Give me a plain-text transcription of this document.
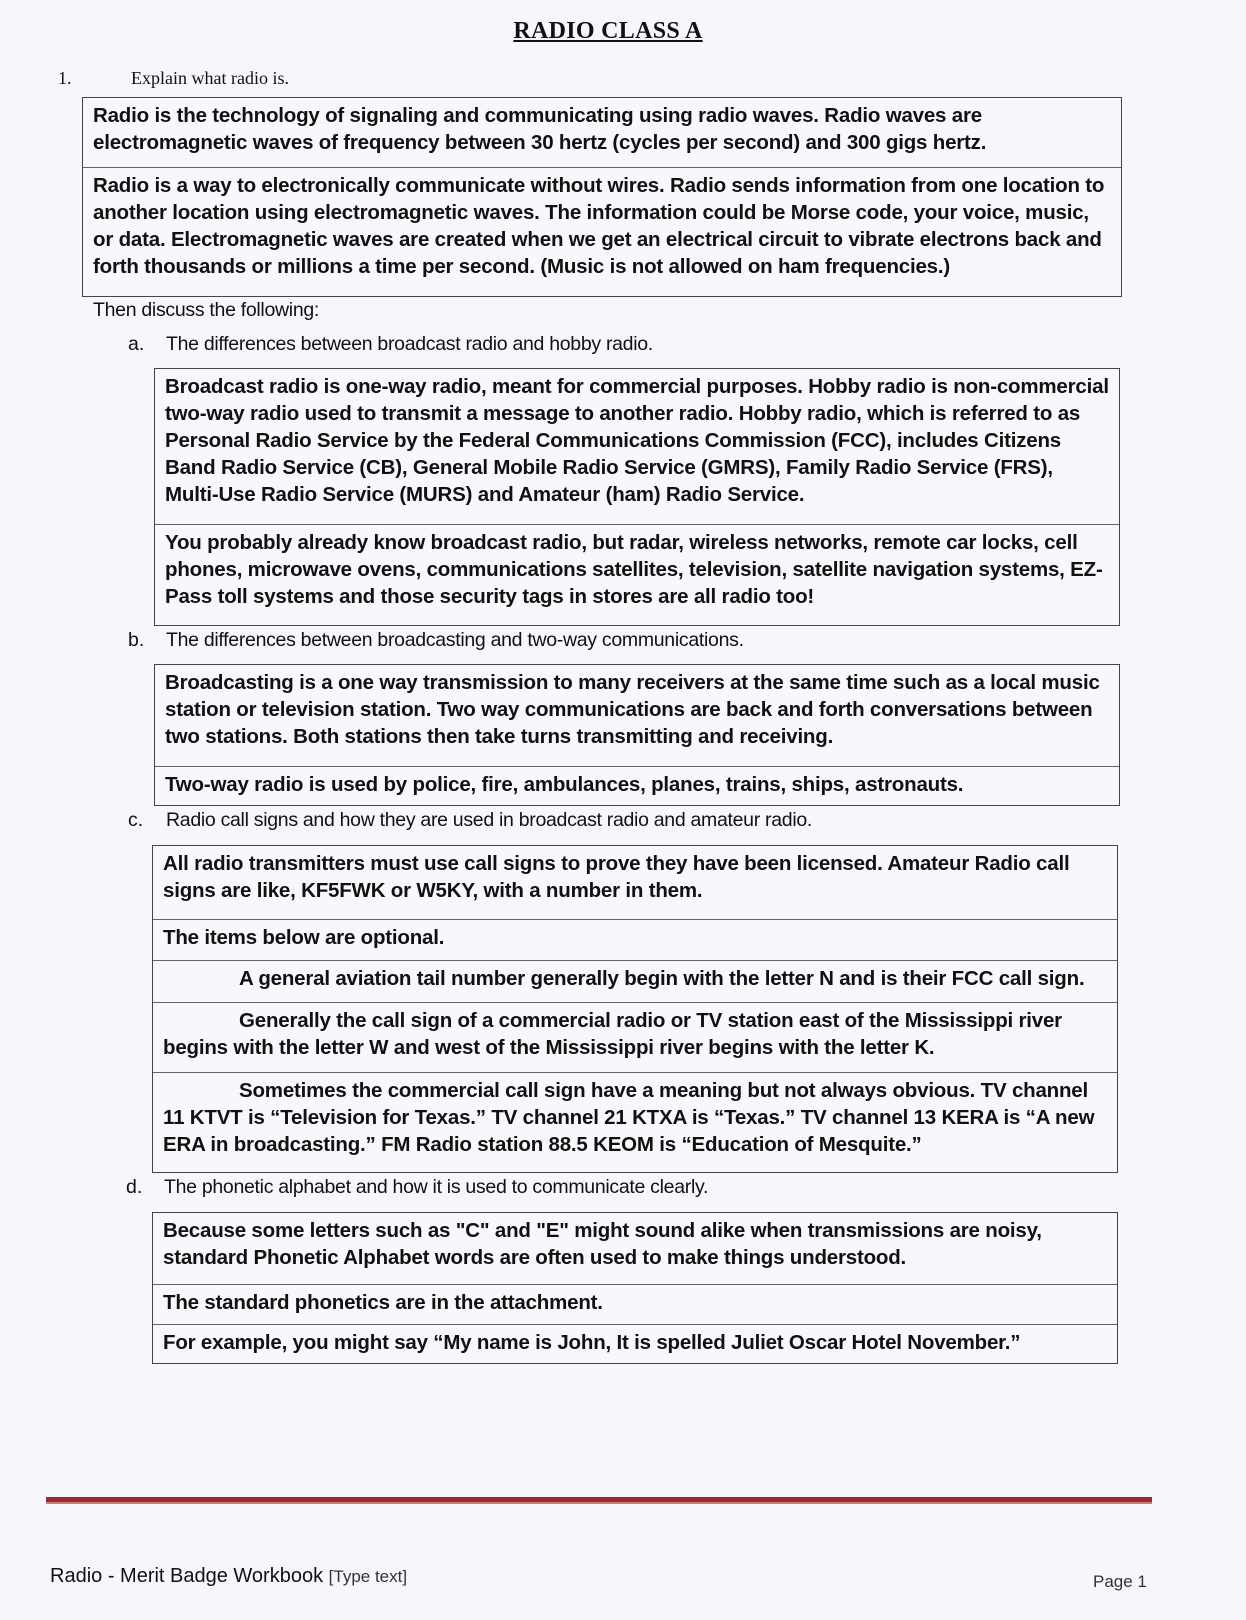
RADIO CLASS A
1.	Explain what radio is.
Radio is the technology of signaling and communicating using radio waves. Radio waves are electromagnetic waves of frequency between 30 hertz (cycles per second) and 300 gigs hertz.
Radio is a way to electronically communicate without wires. Radio sends information from one location to another location using electromagnetic waves. The information could be Morse code, your voice, music, or data. Electromagnetic waves are created when we get an electrical circuit to vibrate electrons back and forth thousands or millions a time per second. (Music is not allowed on ham frequencies.)
Then discuss the following:
a. The differences between broadcast radio and hobby radio.
Broadcast radio is one-way radio, meant for commercial purposes. Hobby radio is non-commercial two-way radio used to transmit a message to another radio. Hobby radio, which is referred to as Personal Radio Service by the Federal Communications Commission (FCC), includes Citizens Band Radio Service (CB), General Mobile Radio Service (GMRS), Family Radio Service (FRS), Multi-Use Radio Service (MURS) and Amateur (ham) Radio Service.
You probably already know broadcast radio, but radar, wireless networks, remote car locks, cell phones, microwave ovens, communications satellites, television, satellite navigation systems, EZ-Pass toll systems and those security tags in stores are all radio too!
b. The differences between broadcasting and two-way communications.
Broadcasting is a one way transmission to many receivers at the same time such as a local music station or television station. Two way communications are back and forth conversations between two stations. Both stations then take turns transmitting and receiving.
Two-way radio is used by police, fire, ambulances, planes, trains, ships, astronauts.
c. Radio call signs and how they are used in broadcast radio and amateur radio.
All radio transmitters must use call signs to prove they have been licensed. Amateur Radio call signs are like, KF5FWK or W5KY, with a number in them.
The items below are optional.
A general aviation tail number generally begin with the letter N and is their FCC call sign.
Generally the call sign of a commercial radio or TV station east of the Mississippi river begins with the letter W and west of the Mississippi river begins with the letter K.
Sometimes the commercial call sign have a meaning but not always obvious. TV channel 11 KTVT is “Television for Texas.” TV channel 21 KTXA is “Texas.” TV channel 13 KERA is “A new ERA in broadcasting.” FM Radio station 88.5 KEOM is “Education of Mesquite.”
d. The phonetic alphabet and how it is used to communicate clearly.
Because some letters such as "C" and "E" might sound alike when transmissions are noisy, standard Phonetic Alphabet words are often used to make things understood.
The standard phonetics are in the attachment.
For example, you might say “My name is John, It is spelled Juliet Oscar Hotel November.”
Radio - Merit Badge Workbook [Type text]	Page 1
